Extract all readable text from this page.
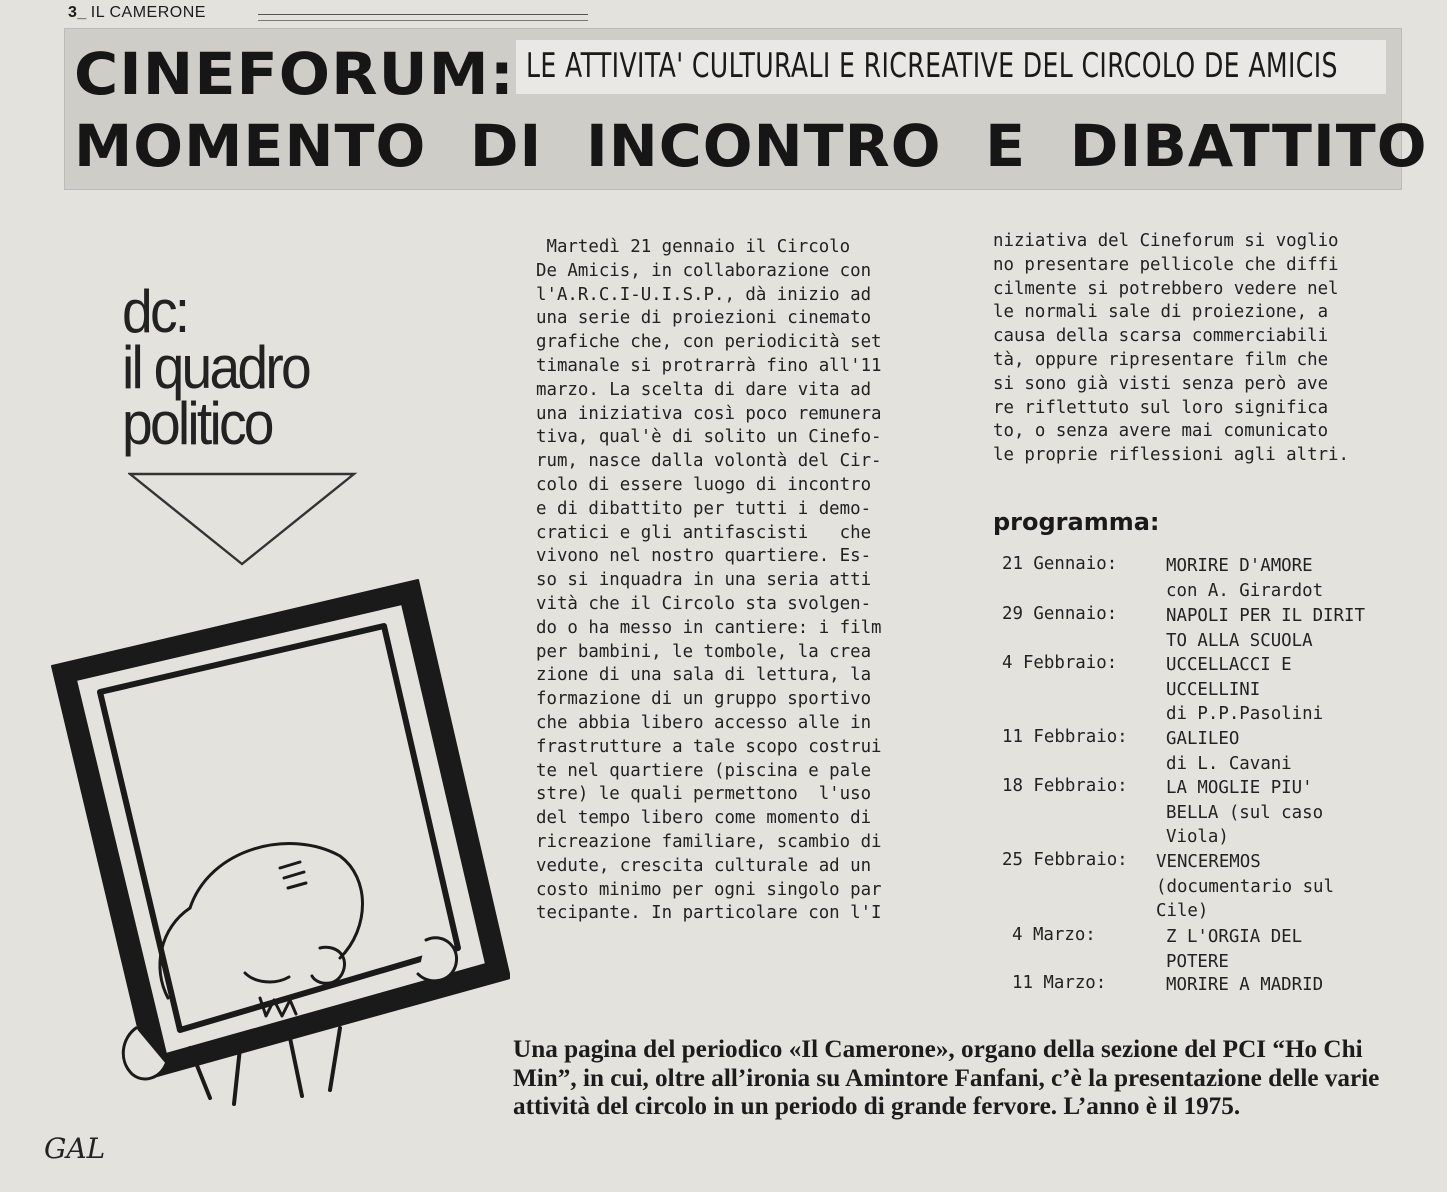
3_ IL CAMERONE
CINEFORUM: LE ATTIVITA' CULTURALI E RICREATIVE DEL CIRCOLO DE AMICIS
MOMENTO DI INCONTRO E DIBATTITO
dc:
il quadro
politico
GAL
Martedì 21 gennaio il Circolo
De Amicis, in collaborazione con
l'A.R.C.I-U.I.S.P., dà inizio ad
una serie di proiezioni cinemato
grafiche che, con periodicità set
timanale si protrarrà fino all'11
marzo. La scelta di dare vita ad
una iniziativa così poco remunera
tiva, qual'è di solito un Cinefo-
rum, nasce dalla volontà del Cir-
colo di essere luogo di incontro
e di dibattito per tutti i demo-
cratici e gli antifascisti   che
vivono nel nostro quartiere. Es-
so si inquadra in una seria atti
vità che il Circolo sta svolgen-
do o ha messo in cantiere: i film
per bambini, le tombole, la crea
zione di una sala di lettura, la
formazione di un gruppo sportivo
che abbia libero accesso alle in
frastrutture a tale scopo costrui
te nel quartiere (piscina e pale
stre) le quali permettono  l'uso
del tempo libero come momento di
ricreazione familiare, scambio di
vedute, crescita culturale ad un
costo minimo per ogni singolo par
tecipante. In particolare con l'I
niziativa del Cineforum si voglio
no presentare pellicole che diffi
cilmente si potrebbero vedere nel
le normali sale di proiezione, a
causa della scarsa commerciabili
tà, oppure ripresentare film che
si sono già visti senza però ave
re riflettuto sul loro significa
to, o senza avere mai comunicato
le proprie riflessioni agli altri.
programma:
21 Gennaio:	MORIRE D'AMORE
con A. Girardot
29 Gennaio:	NAPOLI PER IL DIRIT
TO ALLA SCUOLA
4 Febbraio:	UCCELLACCI E
UCCELLINI
di P.P.Pasolini
11 Febbraio: GALILEO
di L. Cavani
18 Febbraio: LA MOGLIE PIU'
BELLA (sul caso
Viola)
25 Febbraio: VENCEREMOS
(documentario sul
Cile)
4 Marzo:	Z L'ORGIA DEL
POTERE
11 Marzo:	MORIRE A MADRID
Una pagina del periodico «Il Camerone», organo della sezione del PCI “Ho Chi Min”, in cui, oltre all’ironia su Amintore Fanfani, c’è la presentazione delle varie attività del circolo in un periodo di grande fervore. L’anno è il 1975.
